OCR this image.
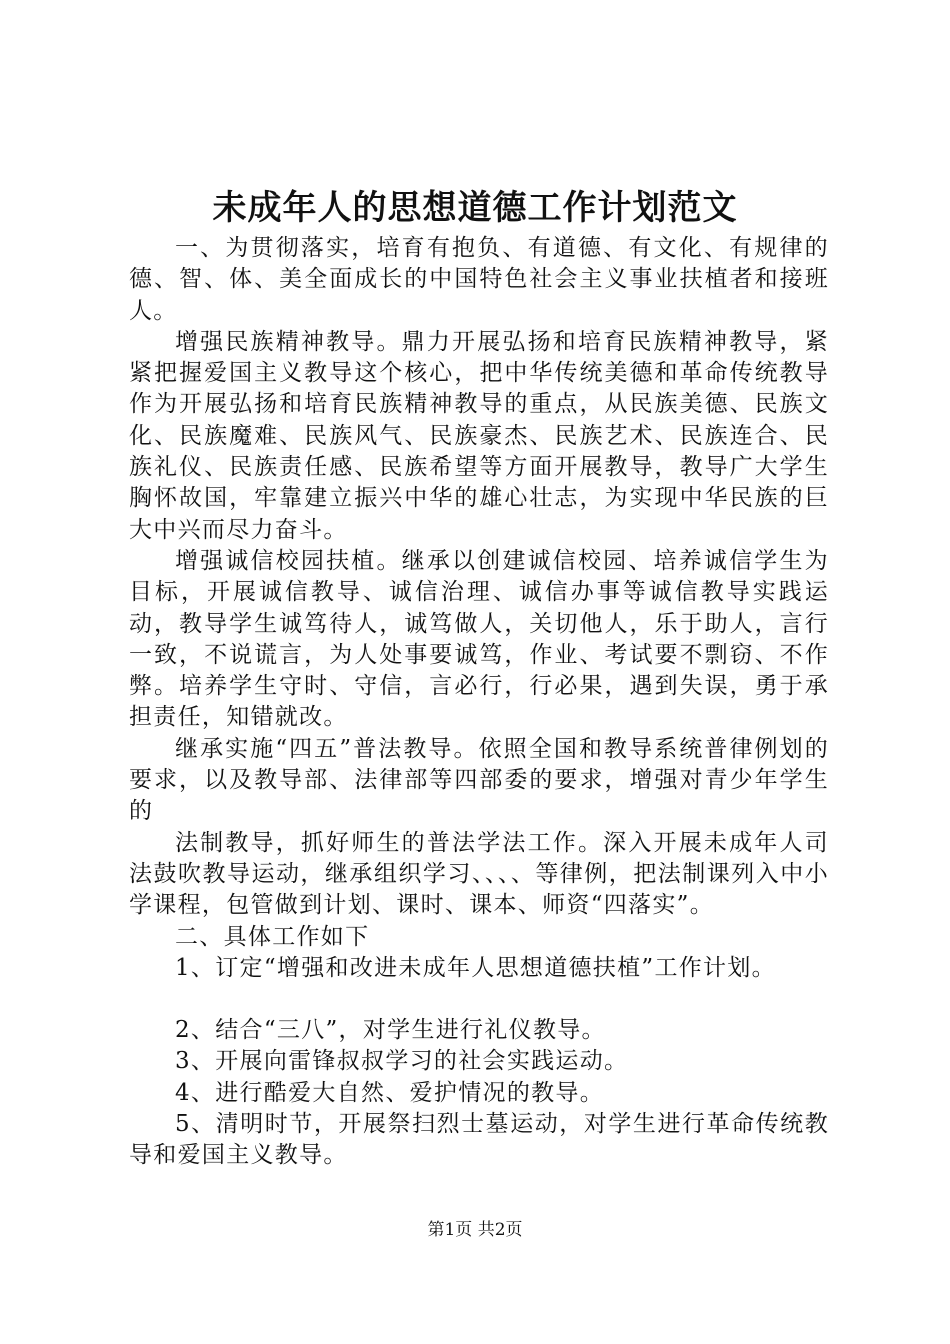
未成年人的思想道德工作计划范文

一、为贯彻落实，培育有抱负、有道德、有文化、有规律的德、智、体、美全面成长的中国特色社会主义事业扶植者和接班人。

增强民族精神教导。鼎力开展弘扬和培育民族精神教导，紧紧把握爱国主义教导这个核心，把中华传统美德和革命传统教导作为开展弘扬和培育民族精神教导的重点，从民族美德、民族文化、民族魔难、民族风气、民族豪杰、民族艺术、民族连合、民族礼仪、民族责任感、民族希望等方面开展教导，教导广大学生胸怀故国，牢靠建立振兴中华的雄心壮志，为实现中华民族的巨大中兴而尽力奋斗。

增强诚信校园扶植。继承以创建诚信校园、培养诚信学生为目标，开展诚信教导、诚信治理、诚信办事等诚信教导实践运动，教导学生诚笃待人，诚笃做人，关切他人，乐于助人，言行一致，不说谎言，为人处事要诚笃，作业、考试要不剽窃、不作弊。培养学生守时、守信，言必行，行必果，遇到失误，勇于承担责任，知错就改。

继承实施“四五”普法教导。依照全国和教导系统普律例划的要求，以及教导部、法律部等四部委的要求，增强对青少年学生的

法制教导，抓好师生的普法学法工作。深入开展未成年人司法鼓吹教导运动，继承组织学习、、、、等律例，把法制课列入中小学课程，包管做到计划、课时、课本、师资“四落实”。

二、具体工作如下

1、订定“增强和改进未成年人思想道德扶植”工作计划。

2、结合“三八”，对学生进行礼仪教导。

3、开展向雷锋叔叔学习的社会实践运动。

4、进行酷爱大自然、爱护情况的教导。

5、清明时节，开展祭扫烈士墓运动，对学生进行革命传统教导和爱国主义教导。

第1页 共2页
